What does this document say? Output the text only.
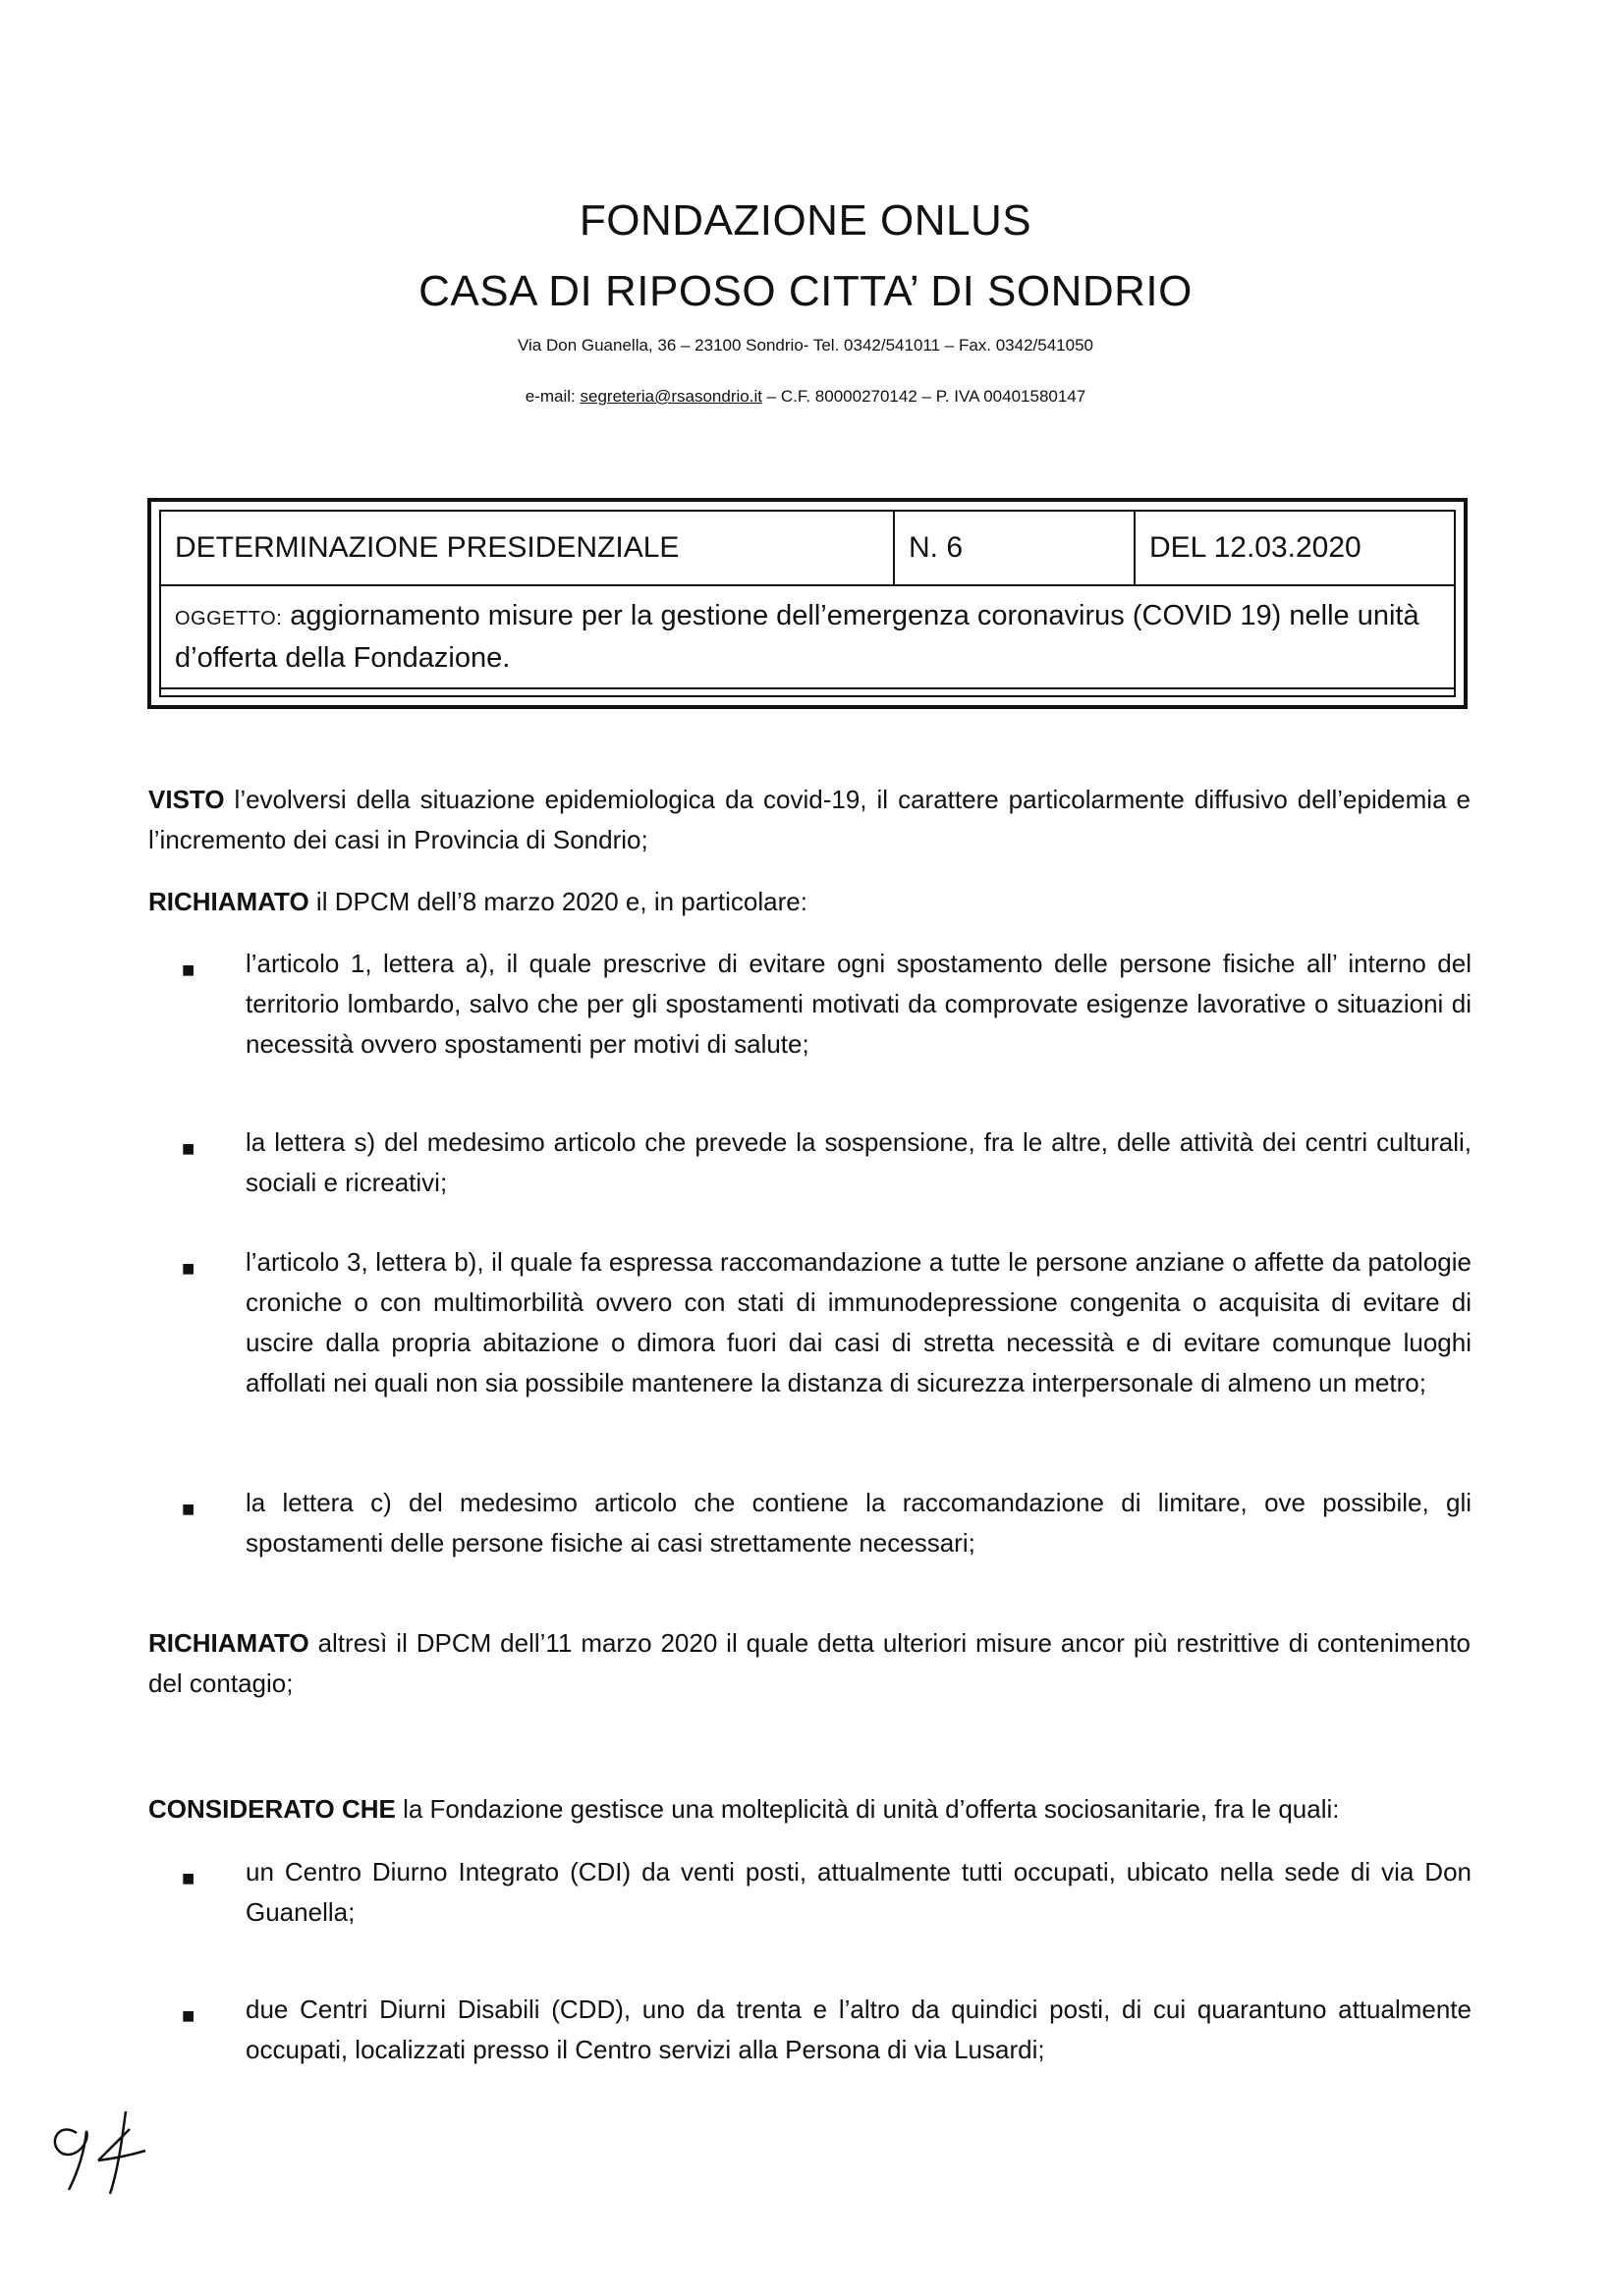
FONDAZIONE ONLUS
CASA DI RIPOSO CITTA’ DI SONDRIO
Via Don Guanella, 36 – 23100 Sondrio- Tel. 0342/541011 – Fax. 0342/541050
e-mail: segreteria@rsasondrio.it – C.F. 80000270142 – P. IVA 00401580147
DETERMINAZIONE PRESIDENZIALE	N. 6	DEL 12.03.2020
OGGETTO: aggiornamento misure per la gestione dell’emergenza coronavirus (COVID 19) nelle unità d’offerta della Fondazione.
VISTO l’evolversi della situazione epidemiologica da covid-19, il carattere particolarmente diffusivo dell’epidemia e l’incremento dei casi in Provincia di Sondrio;
RICHIAMATO il DPCM dell’8 marzo 2020 e, in particolare:
■ l’articolo 1, lettera a), il quale prescrive di evitare ogni spostamento delle persone fisiche all’ interno del territorio lombardo, salvo che per gli spostamenti motivati da comprovate esigenze lavorative o situazioni di necessità ovvero spostamenti per motivi di salute;
■ la lettera s) del medesimo articolo che prevede la sospensione, fra le altre, delle attività dei centri culturali, sociali e ricreativi;
■ l’articolo 3, lettera b), il quale fa espressa raccomandazione a tutte le persone anziane o affette da patologie croniche o con multimorbilità ovvero con stati di immunodepressione congenita o acquisita di evitare di uscire dalla propria abitazione o dimora fuori dai casi di stretta necessità e di evitare comunque luoghi affollati nei quali non sia possibile mantenere la distanza di sicurezza interpersonale di almeno un metro;
■ la lettera c) del medesimo articolo che contiene la raccomandazione di limitare, ove possibile, gli spostamenti delle persone fisiche ai casi strettamente necessari;
RICHIAMATO altresì il DPCM dell’11 marzo 2020 il quale detta ulteriori misure ancor più restrittive di contenimento del contagio;
CONSIDERATO CHE la Fondazione gestisce una molteplicità di unità d’offerta sociosanitarie, fra le quali:
■ un Centro Diurno Integrato (CDI) da venti posti, attualmente tutti occupati, ubicato nella sede di via Don Guanella;
■ due Centri Diurni Disabili (CDD), uno da trenta e l’altro da quindici posti, di cui quarantuno attualmente occupati, localizzati presso il Centro servizi alla Persona di via Lusardi;
